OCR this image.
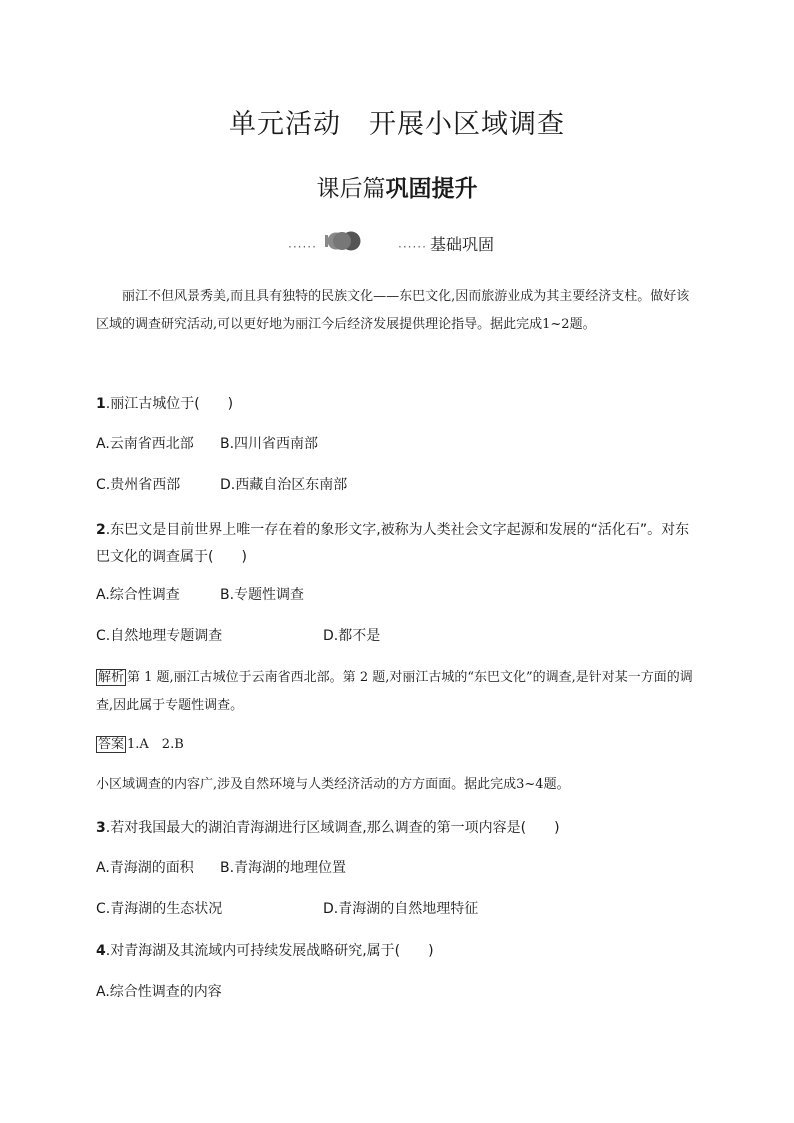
单元活动　开展小区域调查
课后篇巩固提升
······	······ 基础巩固
丽江不但风景秀美,而且具有独特的民族文化——东巴文化,因而旅游业成为其主要经济支柱。做好该区域的调查研究活动,可以更好地为丽江今后经济发展提供理论指导。据此完成1~2题。
1.丽江古城位于(　　)
A.云南省西北部 B.四川省西南部
C.贵州省西部	D.西藏自治区东南部
2.东巴文是目前世界上唯一存在着的象形文字,被称为人类社会文字起源和发展的“活化石”。对东巴文化的调查属于(　　)
A.综合性调查	B.专题性调查
C.自然地理专题调查	D.都不是
解析 第 1 题,丽江古城位于云南省西北部。第 2 题,对丽江古城的“东巴文化”的调查,是针对某一方面的调查,因此属于专题性调查。
答案 1.A　2.B
小区域调查的内容广,涉及自然环境与人类经济活动的方方面面。据此完成3~4题。
3.若对我国最大的湖泊青海湖进行区域调查,那么调查的第一项内容是(　　)
A.青海湖的面积 B.青海湖的地理位置
C.青海湖的生态状况	D.青海湖的自然地理特征
4.对青海湖及其流域内可持续发展战略研究,属于(　　)
A.综合性调查的内容
